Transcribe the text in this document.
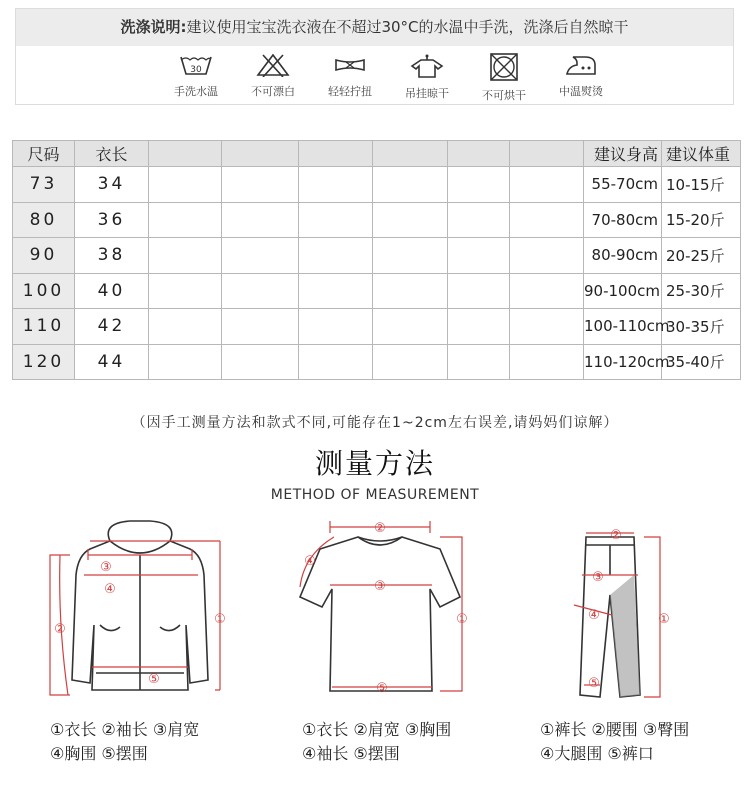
洗涤说明:建议使用宝宝洗衣液在不超过30°C的水温中手洗，洗涤后自然晾干
30
手洗水温	不可漂白	轻轻拧扭	吊挂晾干	不可烘干	中温熨烫
尺码	衣长							建议身高	建议体重
73	34							55-70cm	10-15斤
80	36							70-80cm	15-20斤
90	38							80-90cm	20-25斤
100	40							90-100cm	25-30斤
110	42							100-110cm	30-35斤
120	44							110-120cm	35-40斤
（因手工测量方法和款式不同,可能存在1~2cm左右误差,请妈妈们谅解）
测量方法
METHOD OF MEASUREMENT
③
④
②
①
⑤
②
③
④
①
⑤
②
③
④	①
⑤
①衣长 ②袖长 ③肩宽
④胸围 ⑤摆围
①衣长 ②肩宽 ③胸围
④袖长 ⑤摆围
①裤长 ②腰围 ③臀围
④大腿围 ⑤裤口
